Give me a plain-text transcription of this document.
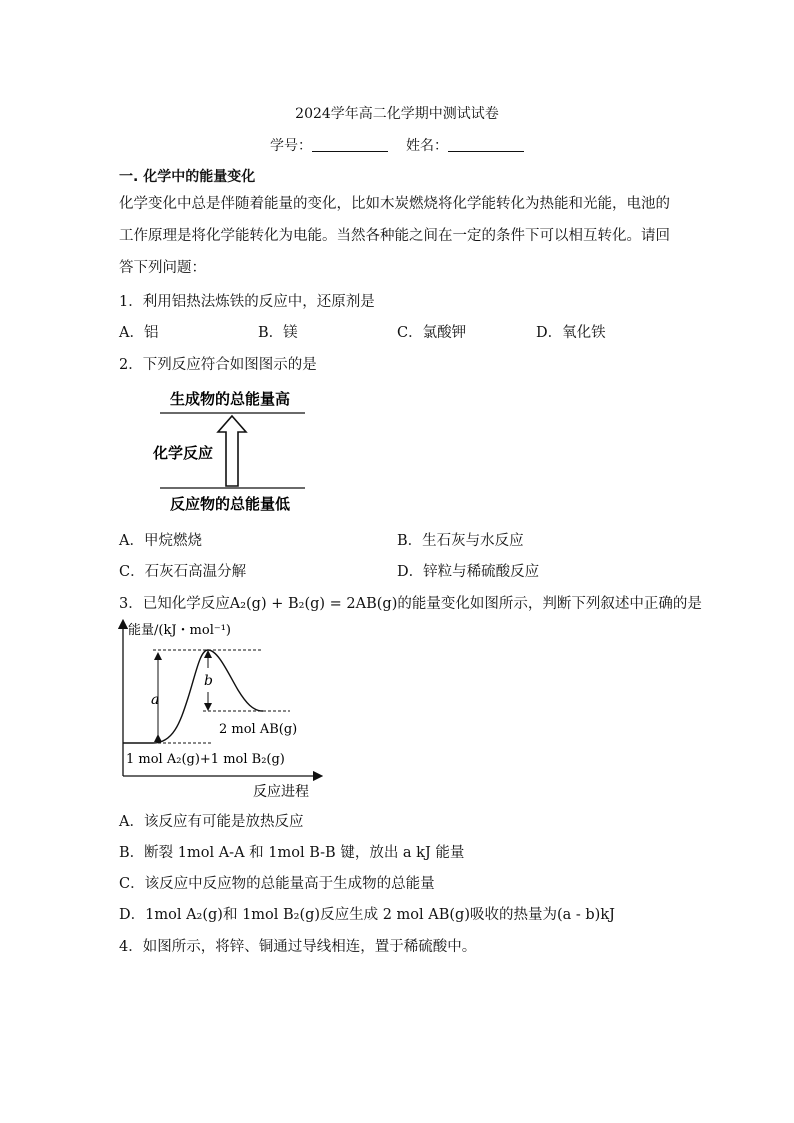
2024学年高二化学期中测试试卷
学号：	姓名：
一. 化学中的能量变化
化学变化中总是伴随着能量的变化，比如木炭燃烧将化学能转化为热能和光能，电池的工作原理是将化学能转化为电能。当然各种能之间在一定的条件下可以相互转化。请回答下列问题：
1．利用铝热法炼铁的反应中，还原剂是
A．铝	B．镁	C．氯酸钾	D．氧化铁
2．下列反应符合如图图示的是
生成物的总能量高
化学反应
反应物的总能量低
A．甲烷燃烧	B．生石灰与水反应
C．石灰石高温分解	D．锌粒与稀硫酸反应
3．已知化学反应A₂(g) + B₂(g) = 2AB(g)的能量变化如图所示，判断下列叙述中正确的是
能量/(kJ・mol⁻¹)
反应进程
a
b
2 mol AB(g)
1 mol A₂(g)+1 mol B₂(g)
A．该反应有可能是放热反应
B．断裂 1mol A-A 和 1mol B-B 键，放出 a kJ 能量
C．该反应中反应物的总能量高于生成物的总能量
D．1mol A₂(g)和 1mol B₂(g)反应生成 2 mol AB(g)吸收的热量为(a - b)kJ
4．如图所示，将锌、铜通过导线相连，置于稀硫酸中。
